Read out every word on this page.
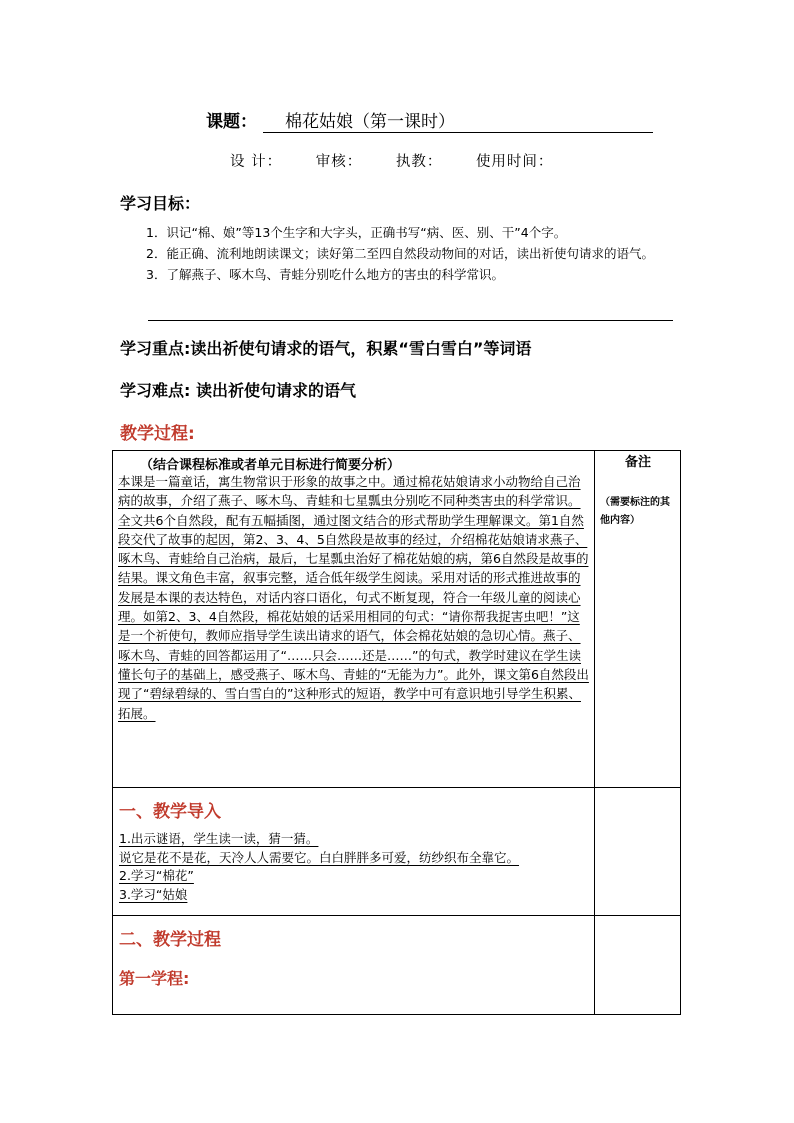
课题： 棉花姑娘（第一课时）
设 计： 审核： 执教： 使用时间：
学习目标：

1．识记“棉、娘”等13个生字和大字头，正确书写“病、医、别、干”4个字。

2．能正确、流利地朗读课文；读好第二至四自然段动物间的对话，读出祈使句请求的语气。

3．了解燕子、啄木鸟、青蛙分别吃什么地方的害虫的科学常识。

学习重点:读出祈使句请求的语气，积累“雪白雪白”等词语
学习难点: 读出祈使句请求的语气
教学过程:
（结合课程标准或者单元目标进行简要分析）

本课是一篇童话，寓生物常识于形象的故事之中。通过棉花姑娘请求小动物给自己治病的故事，介绍了燕子、啄木鸟、青蛙和七星瓢虫分别吃不同种类害虫的科学常识。

全文共6个自然段，配有五幅插图，通过图文结合的形式帮助学生理解课文。第1自然段交代了故事的起因，第2、3、4、5自然段是故事的经过，介绍棉花姑娘请求燕子、啄木鸟、青蛙给自己治病，最后，七星瓢虫治好了棉花姑娘的病，第6自然段是故事的结果。课文角色丰富，叙事完整，适合低年级学生阅读。采用对话的形式推进故事的发展是本课的表达特色，对话内容口语化，句式不断复现，符合一年级儿童的阅读心理。如第2、3、4自然段，棉花姑娘的话采用相同的句式：“请你帮我捉害虫吧！”这是一个祈使句，教师应指导学生读出请求的语气，体会棉花姑娘的急切心情。燕子、啄木鸟、青蛙的回答都运用了“……只会……还是……”的句式，教学时建议在学生读懂长句子的基础上，感受燕子、啄木鸟、青蛙的“无能为力”。此外，课文第6自然段出现了“碧绿碧绿的、雪白雪白的”这种形式的短语，教学中可有意识地引导学生积累、拓展。

备注
（需要标注的其他内容）
一、教学导入

1.出示谜语，学生读一读，猜一猜。

说它是花不是花，天冷人人需要它。白白胖胖多可爱，纺纱织布全靠它。

2.学习“棉花”

3.学习“姑娘

二、教学过程
第一学程:
